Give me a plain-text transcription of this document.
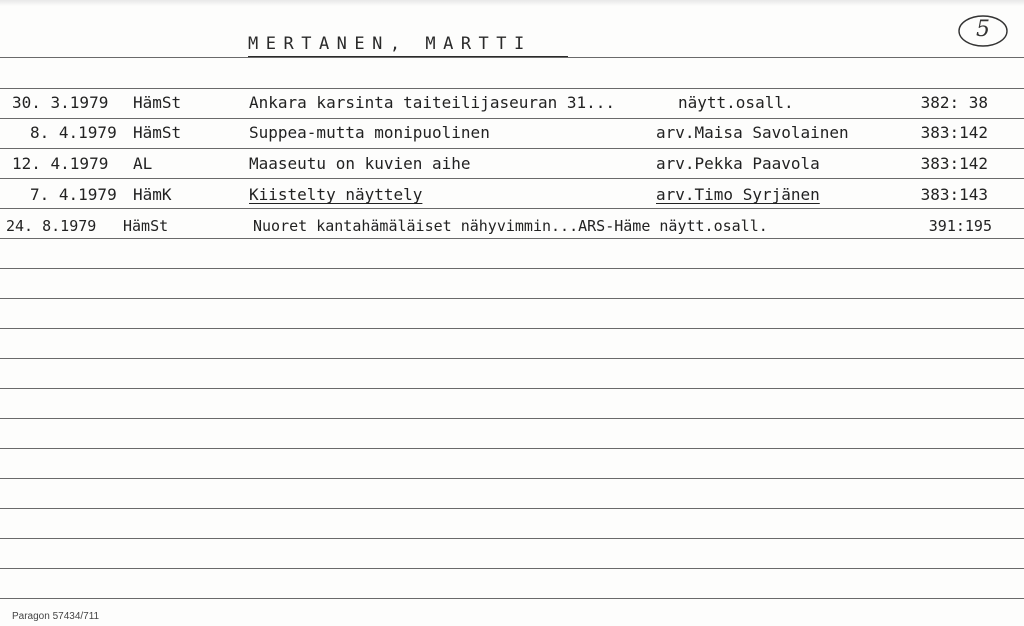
MERTANEN, MARTTI
5
30. 3.1979 HämSt	Ankara karsinta taiteilijaseuran 31...	näytt.osall.	382: 38
8. 4.1979 HämSt	Suppea-mutta monipuolinen	arv.Maisa Savolainen	383:142
12. 4.1979 AL	Maaseutu on kuvien aihe	arv.Pekka Paavola	383:142
7. 4.1979 HämK	Kiistelty näyttely	arv.Timo Syrjänen	383:143
24. 8.1979 HämSt	Nuoret kantahämäläiset nähyvimmin...ARS-Häme näytt.osall.	391:195
Paragon 57434/711
